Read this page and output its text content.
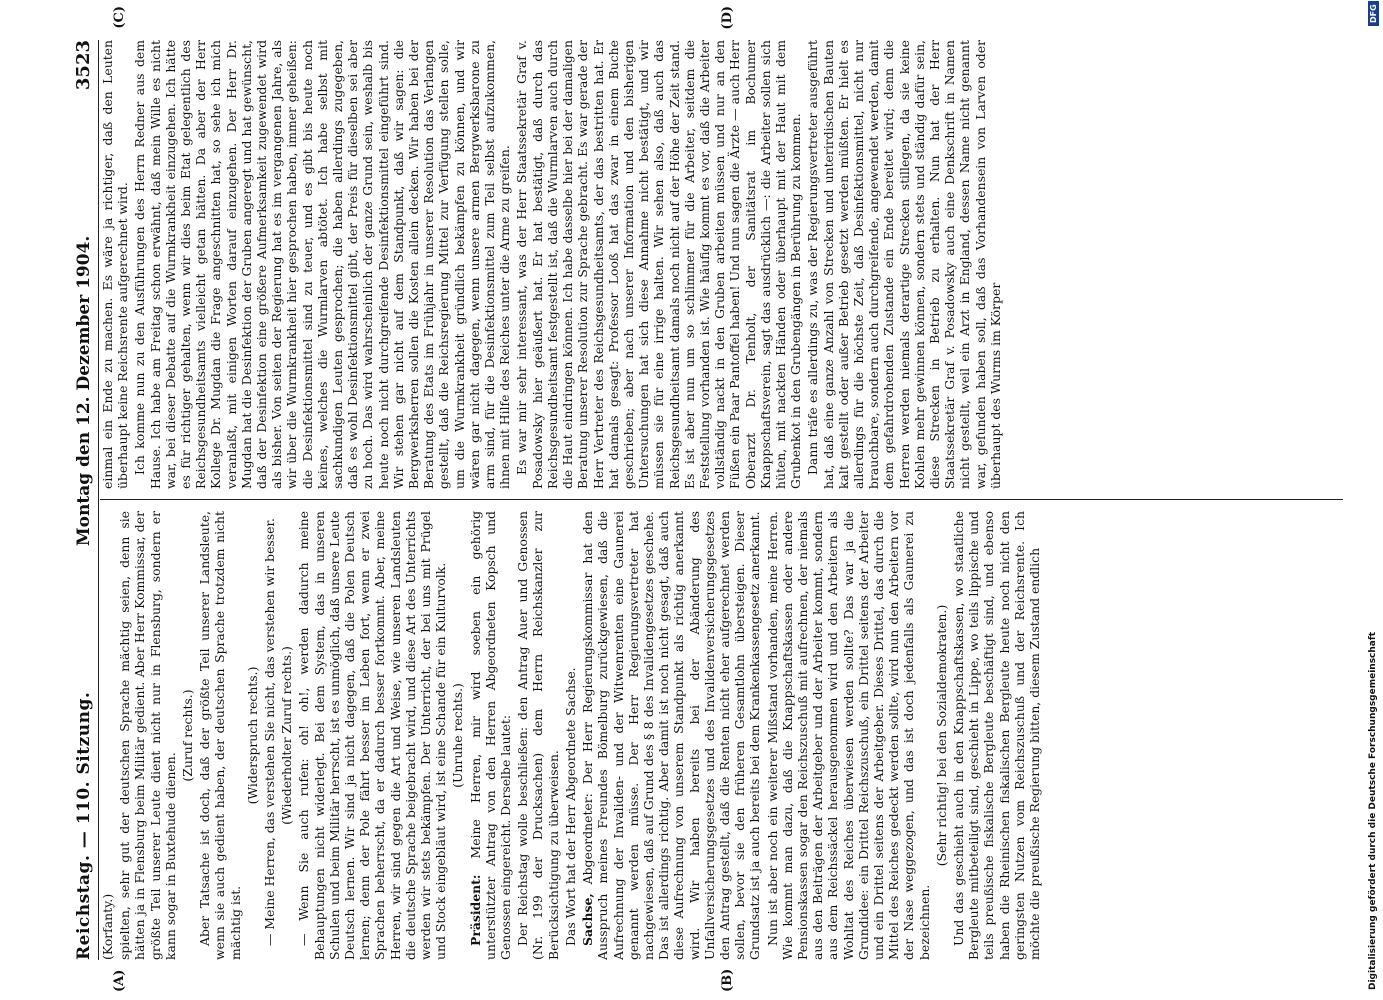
Reichstag. — 110. Sitzung.
Montag den 12. Dezember 1904.
3523
(A)	(B)
(C)	(D)

(Korfanty.) spielten, sehr gut der deutschen Sprache mächtig seien, denn sie hätten ja in Flensburg beim Militär gedient. Aber Herr Kommissar, der größte Teil unserer Leute dient nicht nur in Flensburg, sondern er kann sogar in Buxtehude dienen.

(Zuruf rechts.) Aber Tatsache ist doch, daß der größte Teil unserer Landsleute, wenn sie auch gedient haben, der deutschen Sprache trotzdem nicht mächtig ist.

(Widerspruch rechts.) — Meine Herren, das verstehen Sie nicht, das verstehen wir besser. (Wiederholter Zuruf rechts.) — Wenn Sie auch rufen: oh! oh!, werden dadurch meine Behauptungen nicht widerlegt. Bei dem System, das in unseren Schulen und beim Militär herrscht, ist es unmöglich, daß unsere Leute Deutsch lernen. Wir sind ja nicht dagegen, daß die Polen Deutsch lernen; denn der Pole fährt besser im Leben fort, wenn er zwei Sprachen beherrscht, da er dadurch besser fortkommt. Aber, meine Herren, wir sind gegen die Art und Weise, wie unseren Landsleuten die deutsche Sprache beigebracht wird, und diese Art des Unterrichts werden wir stets bekämpfen. Der Unterricht, der bei uns mit Prügel und Stock eingebläut wird, ist eine Schande für ein Kulturvolk. (Unruhe rechts.)

Präsident: Meine Herren, mir wird soeben ein gehörig unterstützter Antrag von den Herren Abgeordneten Kopsch und Genossen eingereicht. Derselbe lautet: Der Reichstag wolle beschließen: den Antrag Auer und Genossen (Nr. 199 der Drucksachen) dem Herrn Reichskanzler zur Berücksichtigung zu überweisen. Das Wort hat der Herr Abgeordnete Sachse. Sachse, Abgeordneter: Der Herr Regierungskommissar hat den Ausspruch meines Freundes Bömelburg zurückgewiesen, daß die Aufrechnung der Invaliden- und der Witwenrenten eine Gaunerei genannt werden müsse. Der Herr Regierungsvertreter hat nachgewiesen, daß auf Grund des § 8 des Invalidengesetzes geschehe. Das ist allerdings richtig. Aber damit ist noch nicht gesagt, daß auch diese Aufrechnung von unserem Standpunkt als richtig anerkannt wird. Wir haben bereits bei der Abänderung des Unfallversicherungsgesetzes und des Invalidenversicherungsgesetzes den Antrag gestellt, daß die Renten nicht eher aufgerechnet werden sollen, bevor sie den früheren Gesamtlohn übersteigen. Dieser Grundsatz ist ja auch bereits bei dem Krankenkassengesetz anerkannt. Nun ist aber noch ein weiterer Mißstand vorhanden, meine Herren. Wie kommt man dazu, daß die Knappschaftskassen oder andere Pensionskassen sogar den Reichszuschuß mit aufrechnen, der niemals aus den Beiträgen der Arbeitgeber und der Arbeiter kommt, sondern aus dem Reichssäckel herausgenommen wird und den Arbeitern als Wohltat des Reiches überwiesen werden sollte? Das war ja die Grundidee: ein Drittel Reichszuschuß, ein Drittel seitens der Arbeiter und ein Drittel seitens der Arbeitgeber. Dieses Drittel, das durch die Mittel des Reiches gedeckt werden sollte, wird nun den Arbeitern vor der Nase weggezogen, und das ist doch jedenfalls als Gaunerei zu bezeichnen.

(Sehr richtig! bei den Sozialdemokraten.) Und das geschieht auch in den Knappschaftskassen, wo staatliche Bergleute mitbeteiligt sind, geschieht in Lippe, wo teils lippische und teils preußische fiskalische Bergleute beschäftigt sind, und ebenso haben die Rheinischen fiskalischen Bergleute heute noch nicht den geringsten Nutzen vom Reichszuschuß und der Reichsrente. Ich möchte die preußische Regierung bitten, diesem Zustand endlich

einmal ein Ende zu machen. Es wäre ja richtiger, daß den Leuten überhaupt keine Reichsrente aufgerechnet wird. Ich komme nun zu den Ausführungen des Herrn Redner aus dem Hause. Ich habe am Freitag schon erwähnt, daß mein Wille es nicht war, bei dieser Debatte auf die Wurmkrankheit einzugehen. Ich hätte es für richtiger gehalten, wenn wir dies beim Etat gelegentlich des Reichsgesundheitsamts vielleicht getan hätten. Da aber der Herr Kollege Dr. Mugdan die Frage angeschnitten hat, so sehe ich mich veranlaßt, mit einigen Worten darauf einzugehen. Der Herr Dr. Mugdan hat die Desinfektion der Gruben angeregt und hat gewünscht, daß der Desinfektion eine größere Aufmerksamkeit zugewendet wird als bisher. Von seiten der Regierung hat es im vergangenen Jahre, als wir über die Wurmkrankheit hier gesprochen haben, immer geheißen: die Desinfektionsmittel sind zu teuer, und es gibt bis heute noch keines, welches die Wurmlarven abtötet. Ich habe selbst mit sachkundigen Leuten gesprochen; die haben allerdings zugegeben, daß es wohl Desinfektionsmittel gibt, der Preis für dieselben sei aber zu hoch. Das wird wahrscheinlich der ganze Grund sein, weshalb bis heute noch nicht durchgreifende Desinfektionsmittel eingeführt sind. Wir stehen gar nicht auf dem Standpunkt, daß wir sagen: die Bergwerksherren sollen die Kosten allein decken. Wir haben bei der Beratung des Etats im Frühjahr in unserer Resolution das Verlangen gestellt, daß die Reichsregierung Mittel zur Verfügung stellen solle, um die Wurmkrankheit gründlich bekämpfen zu können, und wir wären gar nicht dagegen, wenn unsere armen Bergwerksbarone zu arm sind, für die Desinfektionsmittel zum Teil selbst aufzukommen, ihnen mit Hilfe des Reiches unter die Arme zu greifen. Es war mir sehr interessant, was der Herr Staatssekretär Graf v. Posadowsky hier geäußert hat. Er hat bestätigt, daß durch das Reichsgesundheitsamt festgestellt ist, daß die Wurmlarven auch durch die Haut eindringen können. Ich habe dasselbe hier bei der damaligen Beratung unserer Resolution zur Sprache gebracht. Es war gerade der Herr Vertreter des Reichsgesundheitsamts, der das bestritten hat. Er hat damals gesagt: Professor Looß hat das zwar in einem Buche geschrieben; aber nach unserer Information und den bisherigen Untersuchungen hat sich diese Annahme nicht bestätigt, und wir müssen sie für eine irrige halten. Wir sehen also, daß auch das Reichsgesundheitsamt damals noch nicht auf der Höhe der Zeit stand. Es ist aber nun um so schlimmer für die Arbeiter, seitdem die Feststellung vorhanden ist. Wie häufig kommt es vor, daß die Arbeiter vollständig nackt in den Gruben arbeiten müssen und nur an den Füßen ein Paar Pantoffel haben! Und nun sagen die Ärzte — auch Herr Oberarzt Dr. Tenholt, der Sanitätsrat im Bochumer Knappschaftsverein, sagt das ausdrücklich —: die Arbeiter sollen sich hüten, mit nackten Händen oder überhaupt mit der Haut mit dem Grubenkot in den Grubengängen in Berührung zu kommen. Dann träfe es allerdings zu, was der Regierungsvertreter ausgeführt hat, daß eine ganze Anzahl von Strecken und unterirdischen Bauten kalt gestellt oder außer Betrieb gesetzt werden müßten. Er hielt es allerdings für die höchste Zeit, daß Desinfektionsmittel, nicht nur brauchbare, sondern auch durchgreifende, angewendet werden, damit dem gefahrdrohenden Zustande ein Ende bereitet wird; denn die Herren werden niemals derartige Strecken stillegen, da sie keine Kohlen mehr gewinnen können, sondern stets und ständig dafür sein, diese Strecken in Betrieb zu erhalten. Nun hat der Herr Staatssekretär Graf v. Posadowsky auch eine Denkschrift in Namen nicht gestellt, weil ein Arzt in England, dessen Name nicht genannt war, gefunden haben soll, daß das Vorhandensein von Larven oder überhaupt des Wurms im Körper

Digitalisierung gefördert durch die Deutsche Forschungsgemeinschaft
DFG
